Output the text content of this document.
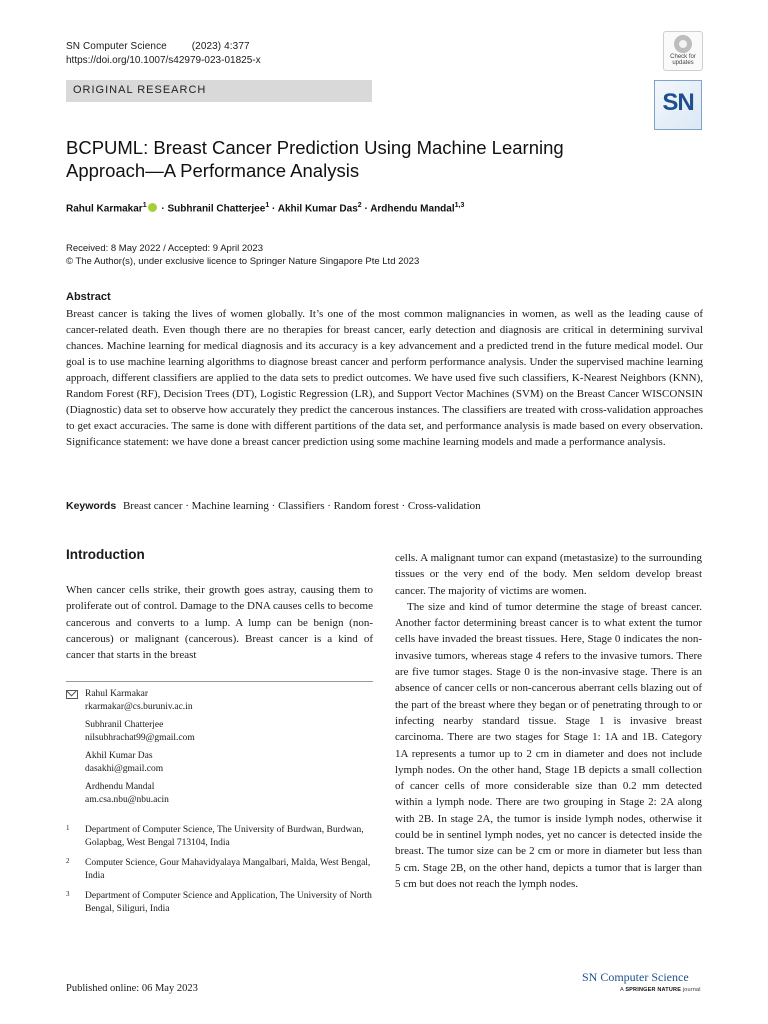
SN Computer Science (2023) 4:377
https://doi.org/10.1007/s42979-023-01825-x	Check for updates
SN
ORIGINAL RESEARCH
BCPUML: Breast Cancer Prediction Using Machine Learning Approach—A Performance Analysis
Rahul Karmakar$^1$ · Subhranil Chatterjee$^1$ · Akhil Kumar Das$^2$ · Ardhendu Mandal$^{1,3}$
Received: 8 May 2022 / Accepted: 9 April 2023
© The Author(s), under exclusive licence to Springer Nature Singapore Pte Ltd 2023
Abstract
Breast cancer is taking the lives of women globally. It’s one of the most common malignancies in women, as well as the leading cause of cancer-related death. Even though there are no therapies for breast cancer, early detection and diagnosis are critical in determining survival chances. Machine learning for medical diagnosis and its accuracy is a key advancement and a predicted trend in the future medical model. Our goal is to use machine learning algorithms to diagnose breast cancer and perform performance analysis. Under the supervised machine learning approach, different classifiers are applied to the data sets to predict outcomes. We have used five such classifiers, K-Nearest Neighbors (KNN), Random Forest (RF), Decision Trees (DT), Logistic Regression (LR), and Support Vector Machines (SVM) on the Breast Cancer WISCONSIN (Diagnostic) data set to observe how accurately they predict the cancerous instances. The classifiers are treated with cross-validation approaches to get exact accuracies. The same is done with different partitions of the data set, and performance analysis is made based on every observation. Significance statement: we have done a breast cancer prediction using some machine learning models and made a performance analysis.
Keywords Breast cancer · Machine learning · Classifiers · Random forest · Cross-validation
Introduction
When cancer cells strike, their growth goes astray, causing them to proliferate out of control. Damage to the DNA causes cells to become cancerous and converts to a lump. A lump can be benign (non-cancerous) or malignant (cancerous). Breast cancer is a kind of cancer that starts in the breast
cells. A malignant tumor can expand (metastasize) to the surrounding tissues or the very end of the body. Men seldom develop breast cancer. The majority of victims are women.
The size and kind of tumor determine the stage of breast cancer. Another factor determining breast cancer is to what extent the tumor cells have invaded the breast tissues. Here, Stage 0 indicates the non-invasive tumors, whereas stage 4 refers to the invasive tumors. There are five tumor stages. Stage 0 is the non-invasive stage. There is an absence of cancer cells or non-cancerous aberrant cells blazing out of the part of the breast where they began or of penetrating through to or infecting nearby standard tissue. Stage 1 is invasive breast carcinoma. There are two stages for Stage 1: 1A and 1B. Category 1A represents a tumor up to 2 cm in diameter and does not include lymph nodes. On the other hand, Stage 1B depicts a small collection of cancer cells of more considerable size than 0.2 mm detected within a lymph node. There are two grouping in Stage 2: 2A along with 2B. In stage 2A, the tumor is inside lymph nodes, otherwise it could be in sentinel lymph nodes, yet no cancer is detected inside the breast. The tumor size can be 2 cm or more in diameter but less than 5 cm. Stage 2B, on the other hand, depicts a tumor that is larger than 5 cm but does not reach the lymph nodes.
Rahul Karmakar
rkarmakar@cs.buruniv.ac.in
Subhranil Chatterjee
nilsubhrachat99@gmail.com
Akhil Kumar Das
dasakhi@gmail.com
Ardhendu Mandal
am.csa.nbu@nbu.acin
1 Department of Computer Science, The University of Burdwan, Burdwan, Golapbag, West Bengal 713104, India
2 Computer Science, Gour Mahavidyalaya Mangalbari, Malda, West Bengal, India
3 Department of Computer Science and Application, The University of North Bengal, Siliguri, India
Published online: 06 May 2023
SN Computer Science
A SPRINGER NATURE journal
